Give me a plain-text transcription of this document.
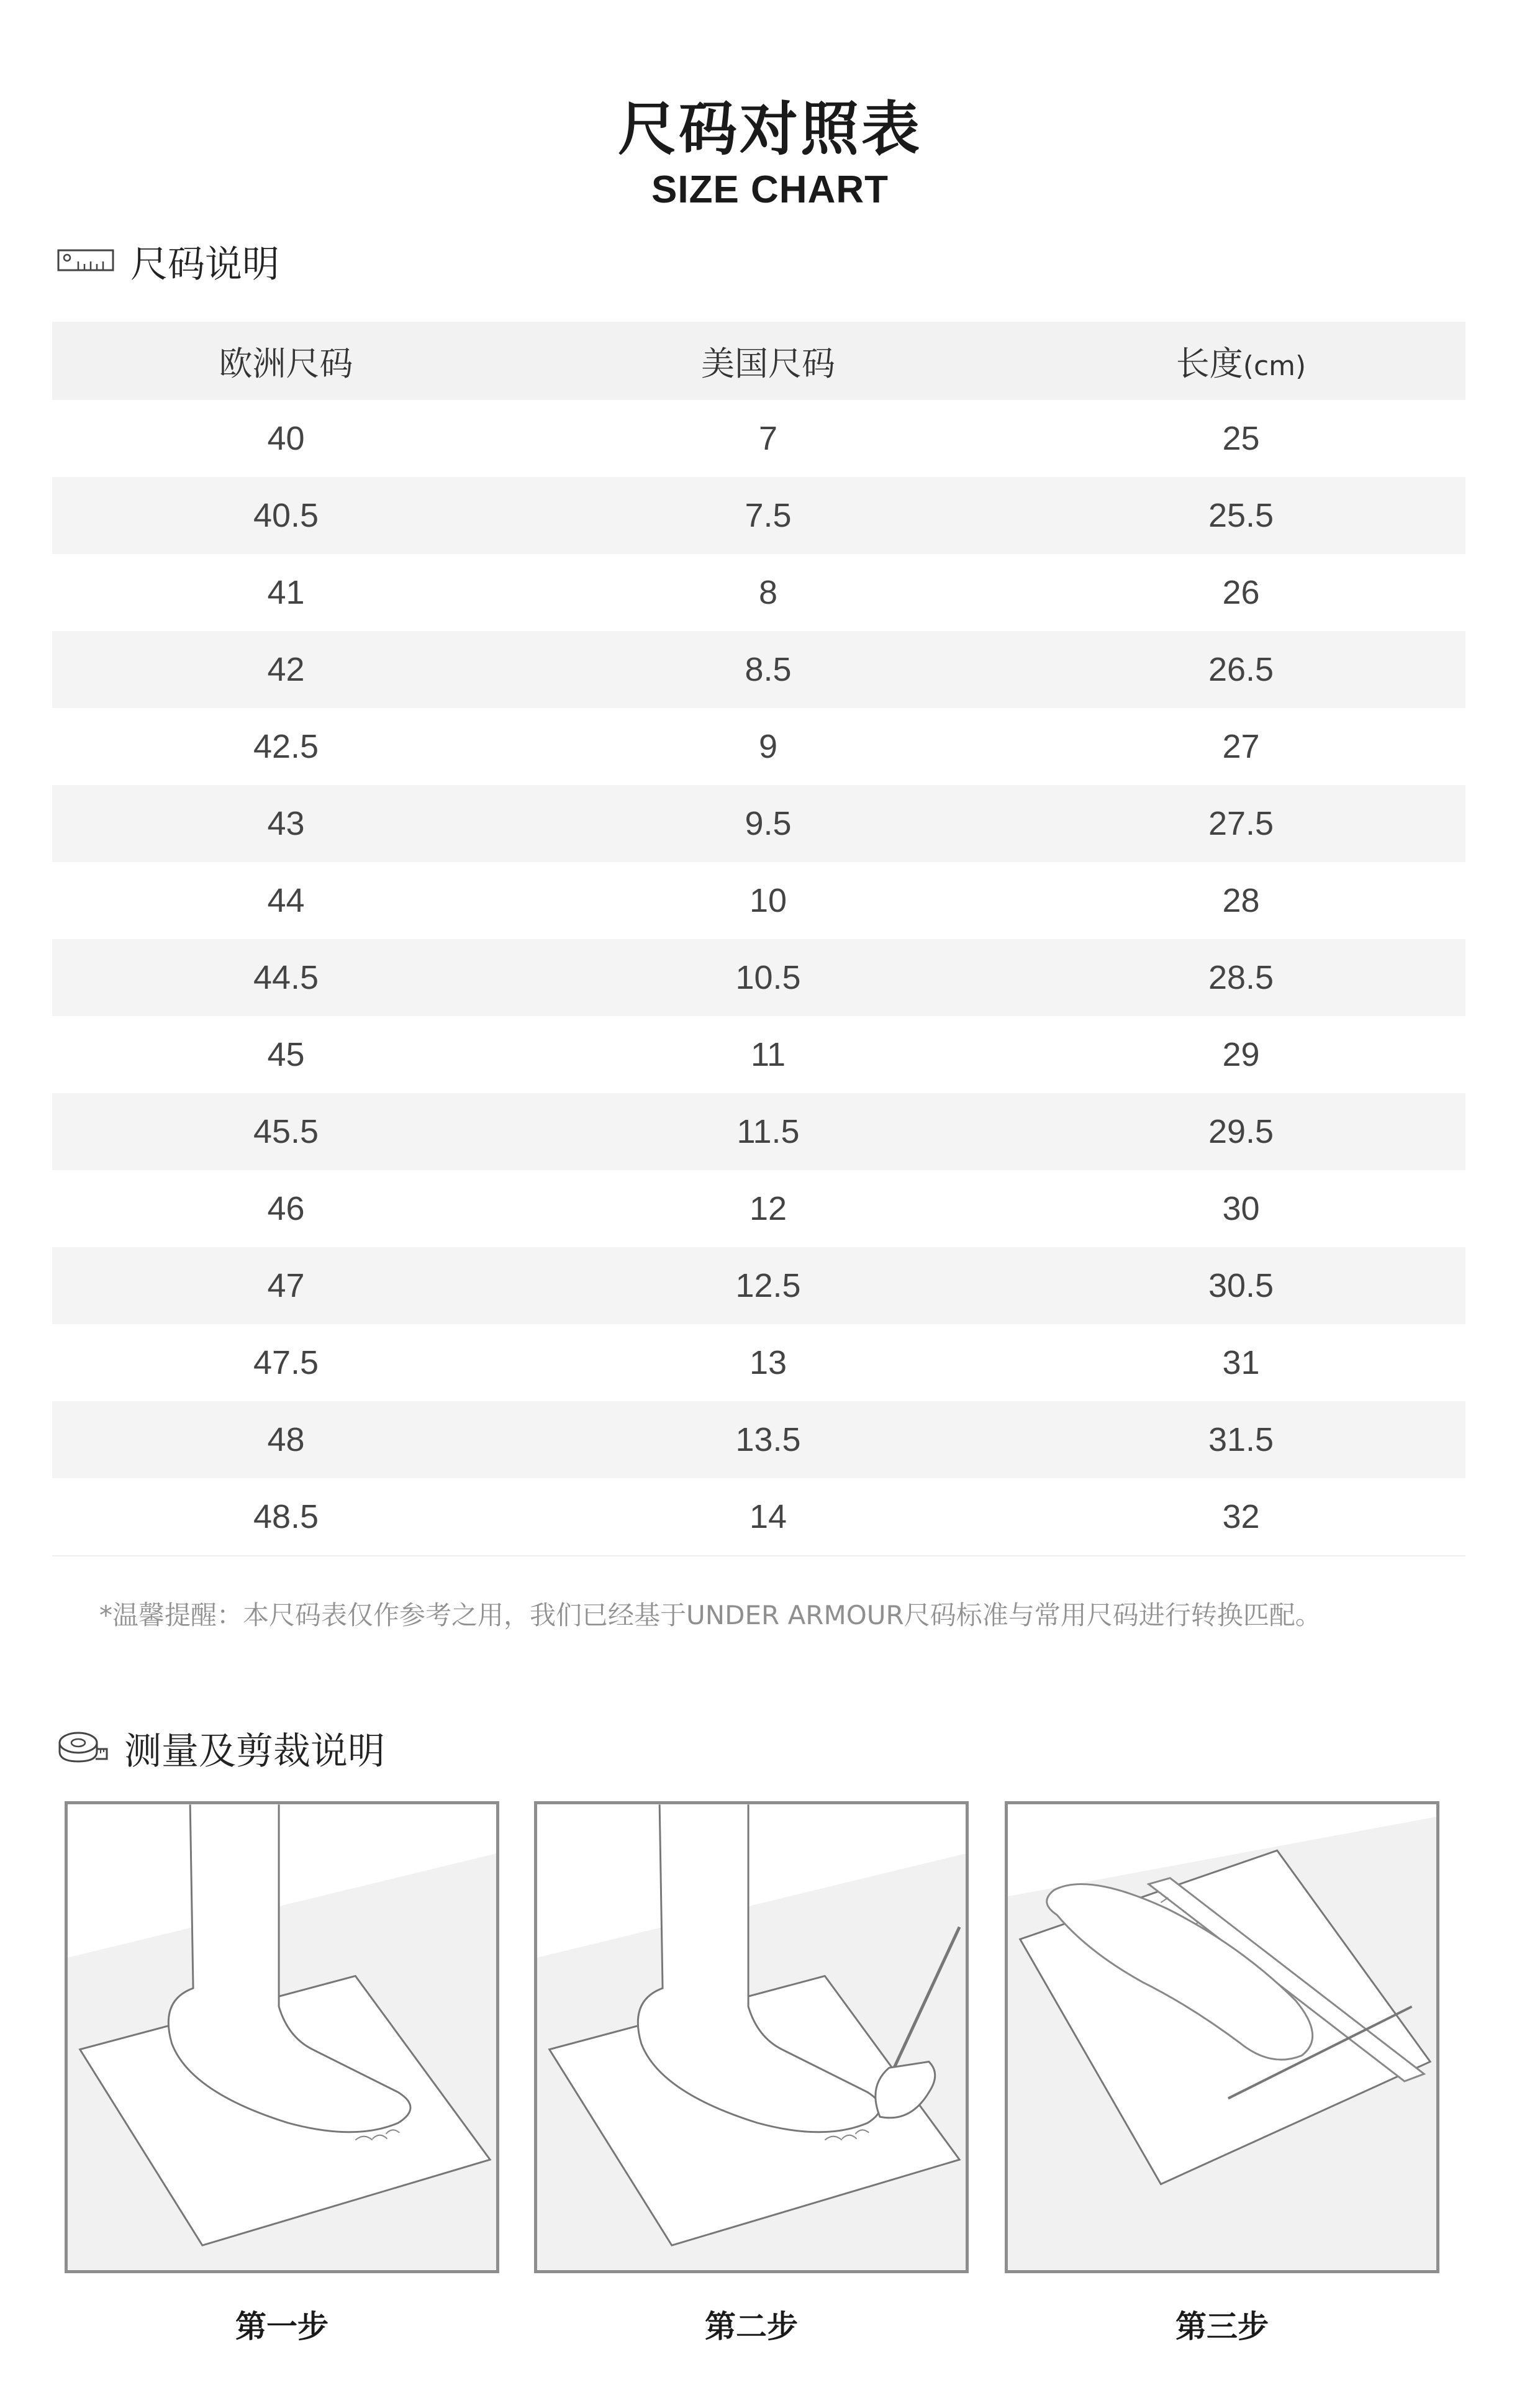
尺码对照表
SIZE CHART
尺码说明
欧洲尺码	美国尺码	长度(cm)
40	7	25
40.5	7.5	25.5
41	8	26
42	8.5	26.5
42.5	9	27
43	9.5	27.5
44	10	28
44.5	10.5	28.5
45	11	29
45.5	11.5	29.5
46	12	30
47	12.5	30.5
47.5	13	31
48	13.5	31.5
48.5	14	32
*温馨提醒：本尺码表仅作参考之用，我们已经基于UNDER ARMOUR尺码标准与常用尺码进行转换匹配。
测量及剪裁说明
第一步	第二步	第三步
